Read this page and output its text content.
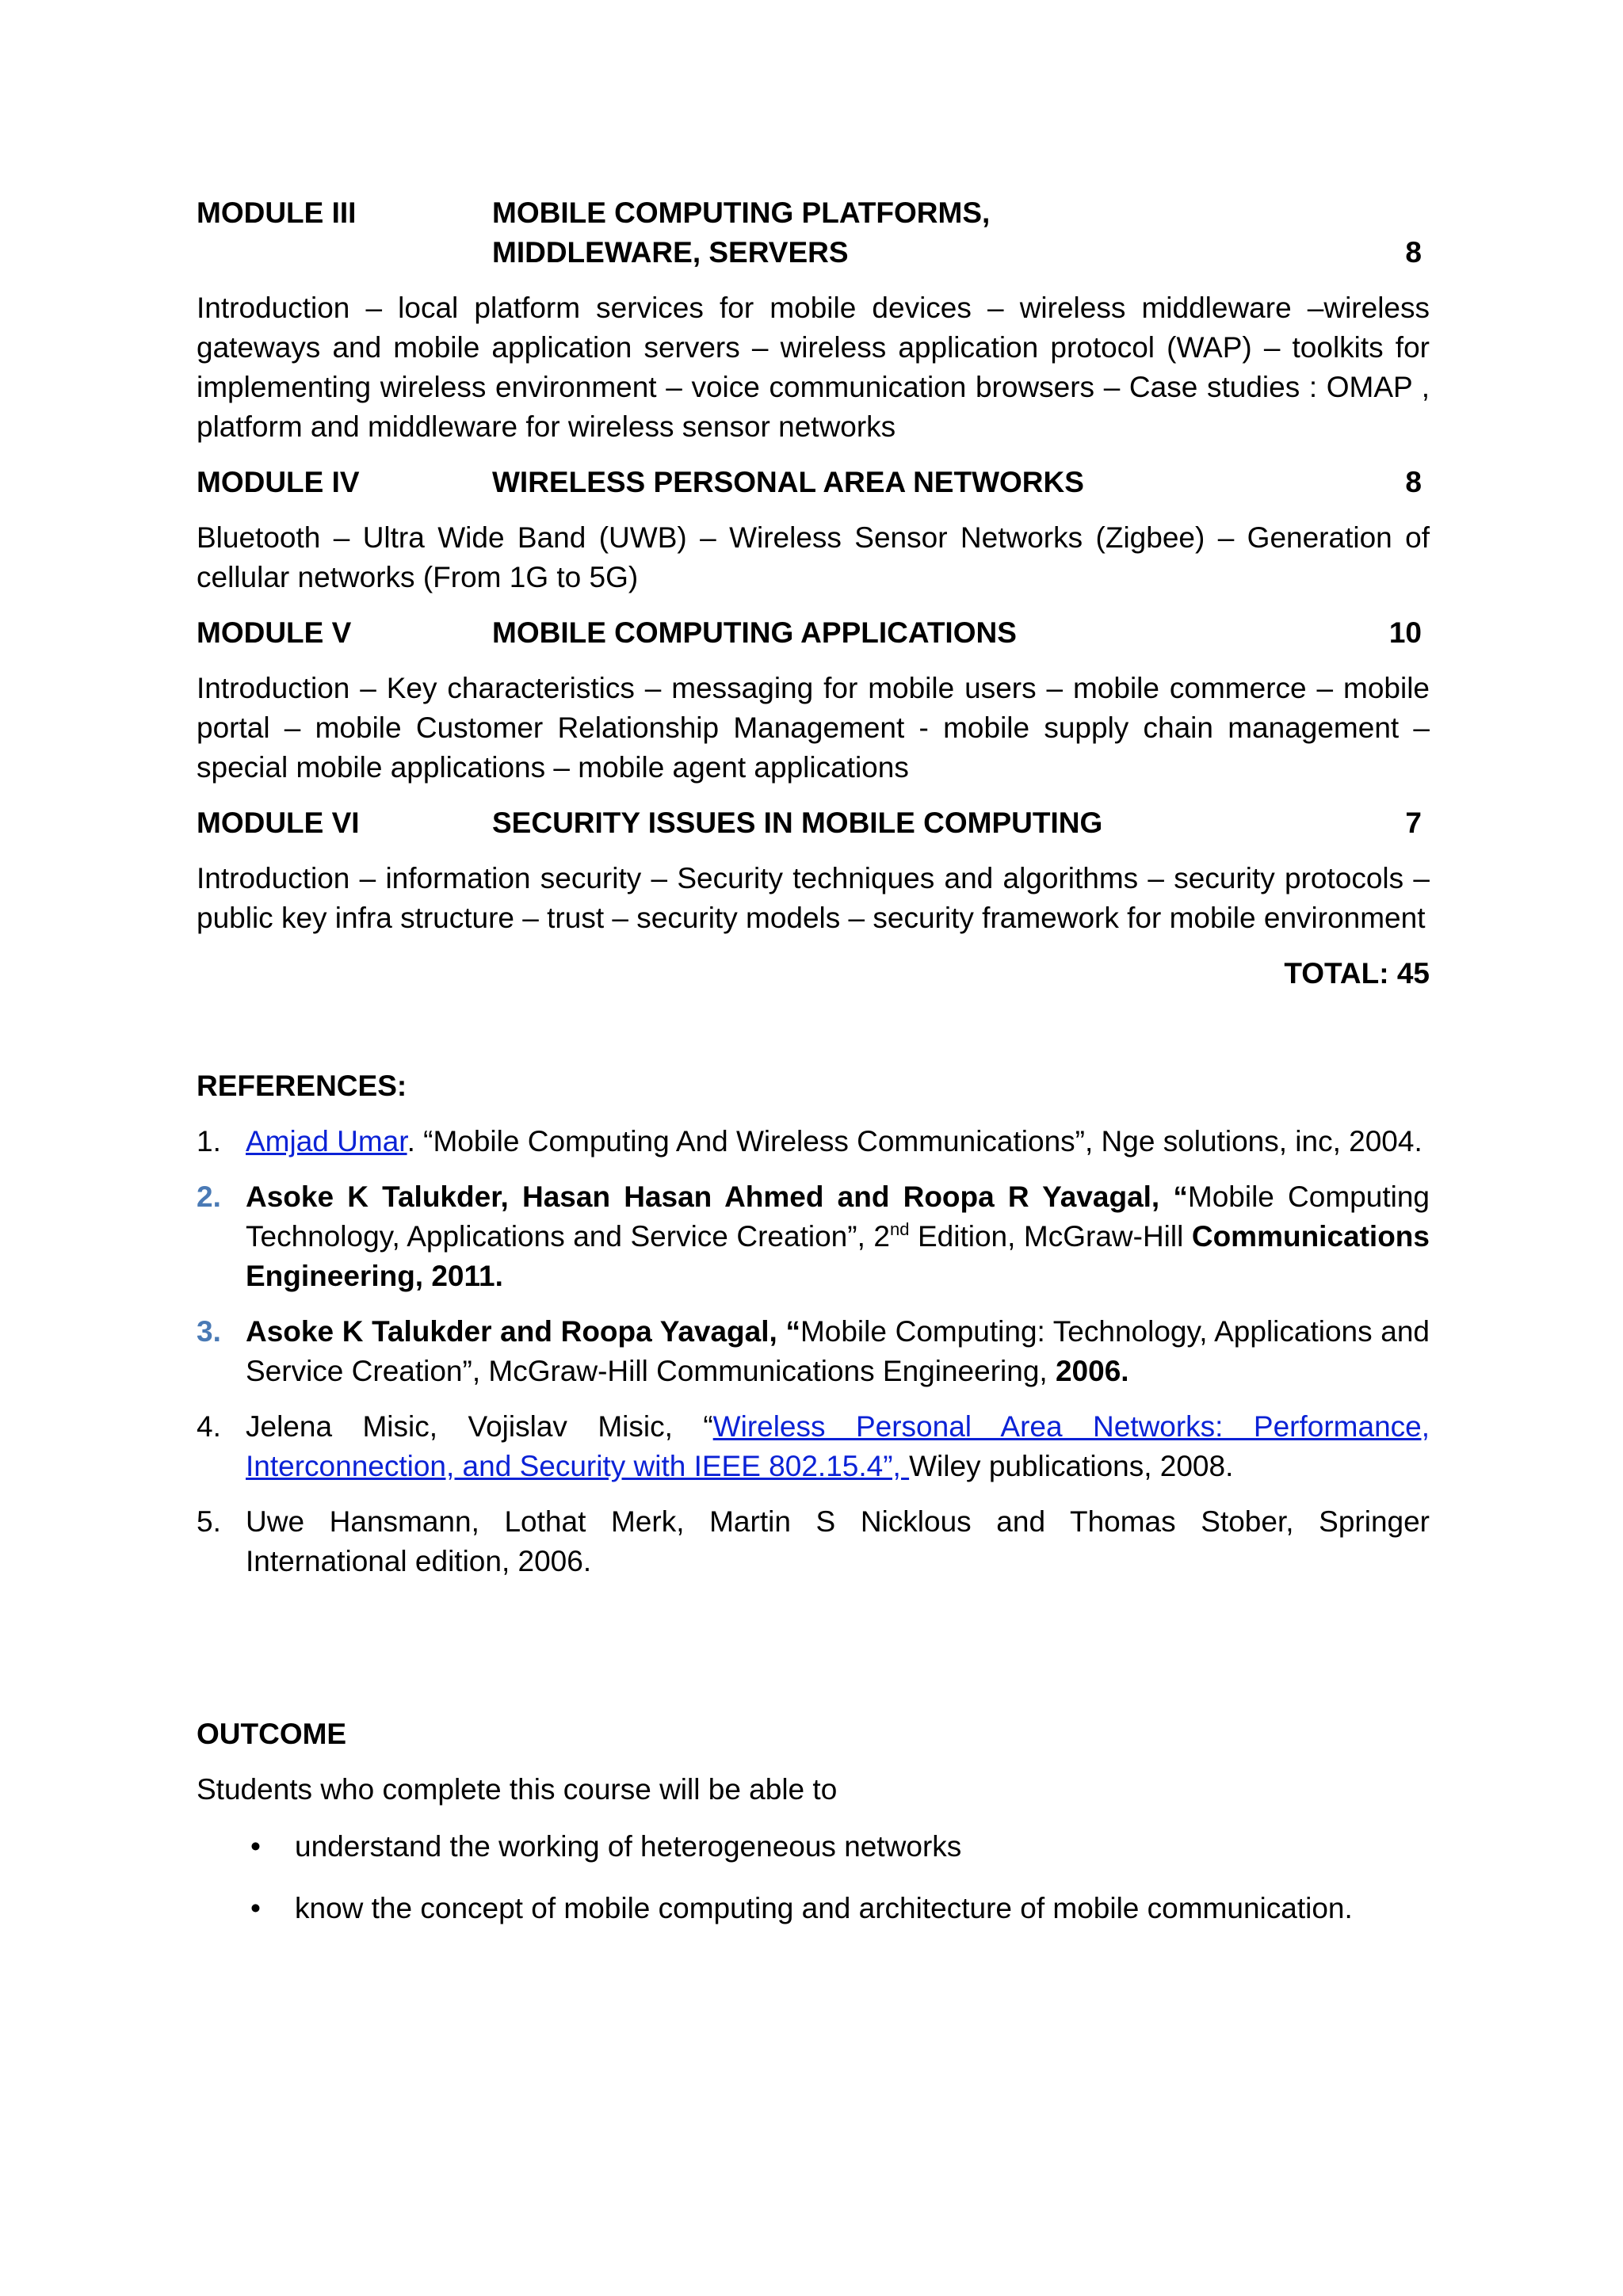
MODULE III	MOBILE COMPUTING PLATFORMS,
MIDDLEWARE, SERVERS	8
Introduction – local platform services for mobile devices – wireless middleware –wireless gateways and mobile application servers – wireless application protocol (WAP) – toolkits for implementing wireless environment – voice communication browsers – Case studies : OMAP , platform and middleware for wireless sensor networks
MODULE IV	WIRELESS PERSONAL AREA NETWORKS	8
Bluetooth – Ultra Wide Band (UWB) – Wireless Sensor Networks (Zigbee) – Generation of cellular networks (From 1G to 5G)
MODULE V	MOBILE COMPUTING APPLICATIONS	10
Introduction – Key characteristics – messaging for mobile users – mobile commerce – mobile portal – mobile Customer Relationship Management - mobile supply chain management – special mobile applications – mobile agent applications
MODULE VI	SECURITY ISSUES IN MOBILE COMPUTING	7
Introduction – information security – Security techniques and algorithms – security protocols – public key infra structure – trust – security models – security framework for mobile environment
TOTAL: 45
REFERENCES:
1. Amjad Umar. “Mobile Computing And Wireless Communications”, Nge solutions, inc, 2004.
2. Asoke K Talukder, Hasan Hasan Ahmed and Roopa R Yavagal, “Mobile Computing Technology, Applications and Service Creation”, 2nd Edition, McGraw-Hill Communications Engineering, 2011.
3. Asoke K Talukder and Roopa Yavagal, “Mobile Computing: Technology, Applications and Service Creation”, McGraw-Hill Communications Engineering, 2006.
4. Jelena Misic, Vojislav Misic, “Wireless Personal Area Networks: Performance, Interconnection, and Security with IEEE 802.15.4”, Wiley publications, 2008.
5. Uwe Hansmann, Lothat Merk, Martin S Nicklous and Thomas Stober, Springer International edition, 2006.
OUTCOME
Students who complete this course will be able to
• understand the working of heterogeneous networks
• know the concept of mobile computing and architecture of mobile communication.
